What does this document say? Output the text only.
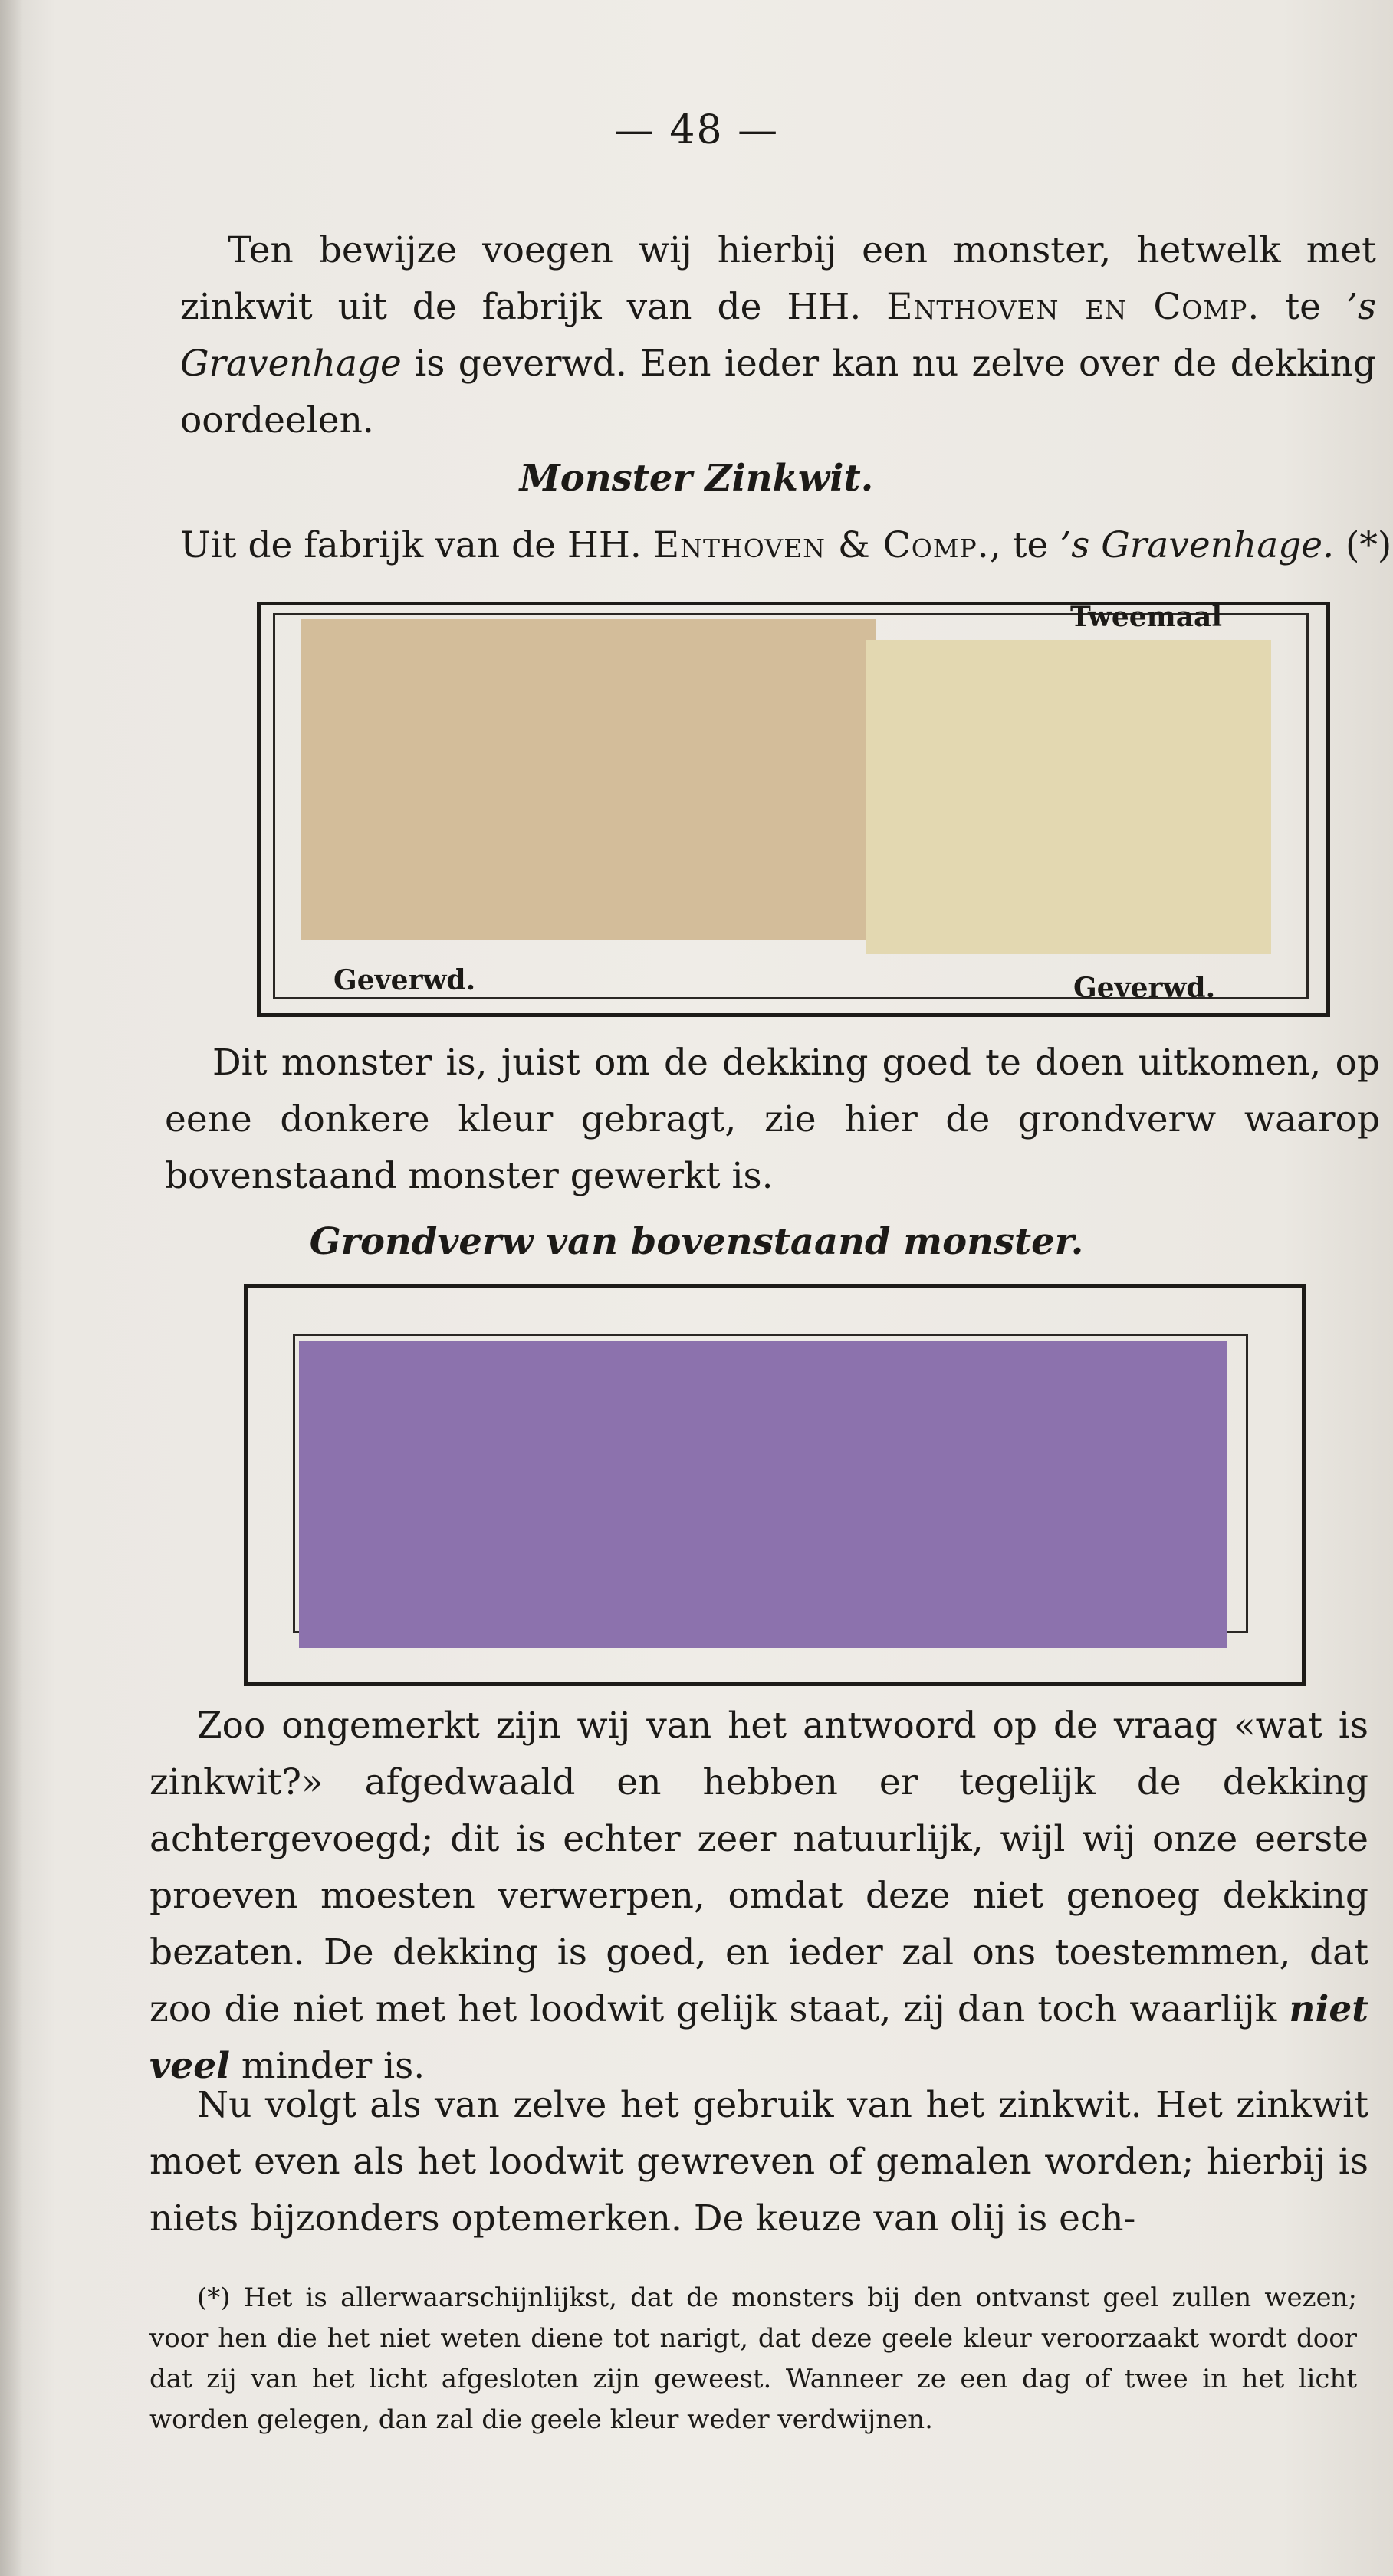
— 48 —

Ten bewijze voegen wij hierbij een monster, hetwelk met zinkwit uit de fabrijk van de HH. Enthoven en Comp. te ’s Gravenhage is geverwd. Een ieder kan nu zelve over de dekking oordeelen.

Monster Zinkwit.
Uit de fabrijk van de HH. Enthoven & Comp., te ’s Gravenhage. (*)
Tweemaal
Geverwd.	Geverwd.

Dit monster is, juist om de dekking goed te doen uitkomen, op eene donkere kleur gebragt, zie hier de grondverw waarop bovenstaand monster gewerkt is.

Grondverw van bovenstaand monster.

Zoo ongemerkt zijn wij van het antwoord op de vraag «wat is zinkwit?» afgedwaald en hebben er tegelijk de dekking achtergevoegd; dit is echter zeer natuurlijk, wijl wij onze eerste proeven moesten verwerpen, omdat deze niet genoeg dekking bezaten. De dekking is goed, en ieder zal ons toestemmen, dat zoo die niet met het loodwit gelijk staat, zij dan toch waarlijk niet veel minder is.

Nu volgt als van zelve het gebruik van het zinkwit. Het zinkwit moet even als het loodwit gewreven of gemalen worden; hierbij is niets bijzonders optemerken. De keuze van olij is ech-

(*) Het is allerwaarschijnlijkst, dat de monsters bij den ontvanst geel zullen wezen; voor hen die het niet weten diene tot narigt, dat deze geele kleur veroorzaakt wordt door dat zij van het licht afgesloten zijn geweest. Wanneer ze een dag of twee in het licht worden gelegen, dan zal die geele kleur weder verdwijnen.
